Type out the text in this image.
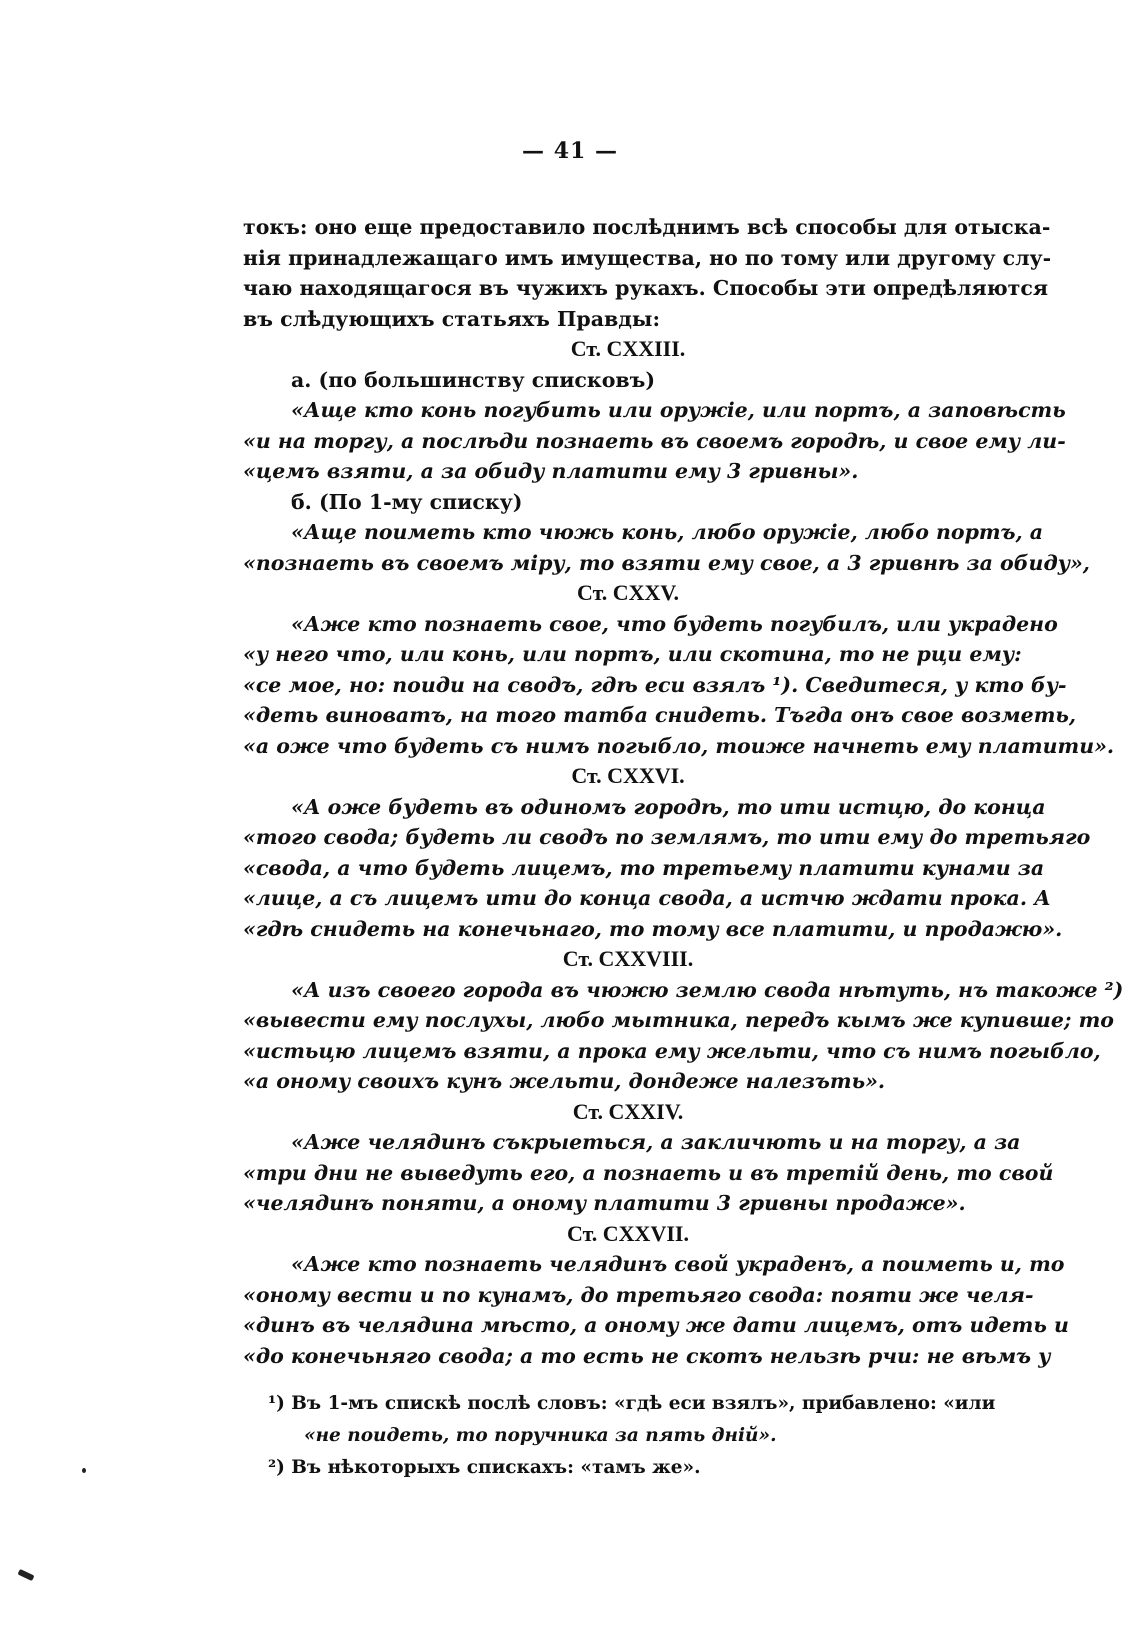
— 41 —
токъ: оно еще предоставило послѣднимъ всѣ способы для отыска-
нія принадлежащаго имъ имущества, но по тому или другому слу-
чаю находящагося въ чужихъ рукахъ. Способы эти опредѣляются
въ слѣдующихъ статьяхъ Правды:
Ст. CXXIII.
а. (по большинству списковъ)
«Аще кто конь погубить или оружіе, или портъ, а заповѣсть
«и на торгу, а послѣди познаеть въ своемъ городѣ, и свое ему ли-
«цемъ взяти, а за обиду платити ему 3 гривны».
б. (По 1-му списку)
«Аще поиметь кто чюжь конь, любо оружіе, любо портъ, а
«познаеть въ своемъ міру, то взяти ему свое, а 3 гривнѣ за обиду»,
Ст. CXXV.
«Аже кто познаеть свое, что будеть погубилъ, или украдено
«у него что, или конь, или портъ, или скотина, то не рци ему:
«се мое, но: поиди на сводъ, гдѣ еси взялъ ¹). Сведитеся, у кто бу-
«деть виноватъ, на того татба снидеть. Тъгда онъ свое возметь,
«а оже что будеть съ нимъ погыбло, тоиже начнеть ему платити».
Ст. CXXVI.
«А оже будеть въ одиномъ городѣ, то ити истцю, до конца
«того свода; будеть ли сводъ по землямъ, то ити ему до третьяго
«свода, а что будеть лицемъ, то третьему платити кунами за
«лице, а съ лицемъ ити до конца свода, а истчю ждати прока. А
«гдѣ снидеть на конечьнаго, то тому все платити, и продажю».
Ст. CXXVIII.
«А изъ своего города въ чюжю землю свода нѣтуть, нъ такоже ²)
«вывести ему послухы, любо мытника, передъ кымъ же купивше; то
«истьцю лицемъ взяти, а прока ему жельти, что съ нимъ погыбло,
«а оному своихъ кунъ жельти, дондеже налезъть».
Ст. CXXIV.
«Аже челядинъ съкрыеться, а закличють и на торгу, а за
«три дни не выведуть его, а познаеть и въ третій день, то свой
«челядинъ поняти, а оному платити 3 гривны продаже».
Ст. CXXVII.
«Аже кто познаеть челядинъ свой украденъ, а поиметь и, то
«оному вести и по кунамъ, до третьяго свода: пояти же челя-
«динъ въ челядина мѣсто, а оному же дати лицемъ, отъ идеть и
«до конечьняго свода; а то есть не скотъ нельзѣ рчи: не вѣмъ у
¹) Въ 1-мъ спискѣ послѣ словъ: «гдѣ еси взялъ», прибавлено: «или
«не поидеть, то поручника за пять дній».
²) Въ нѣкоторыхъ спискахъ: «тамъ же».
